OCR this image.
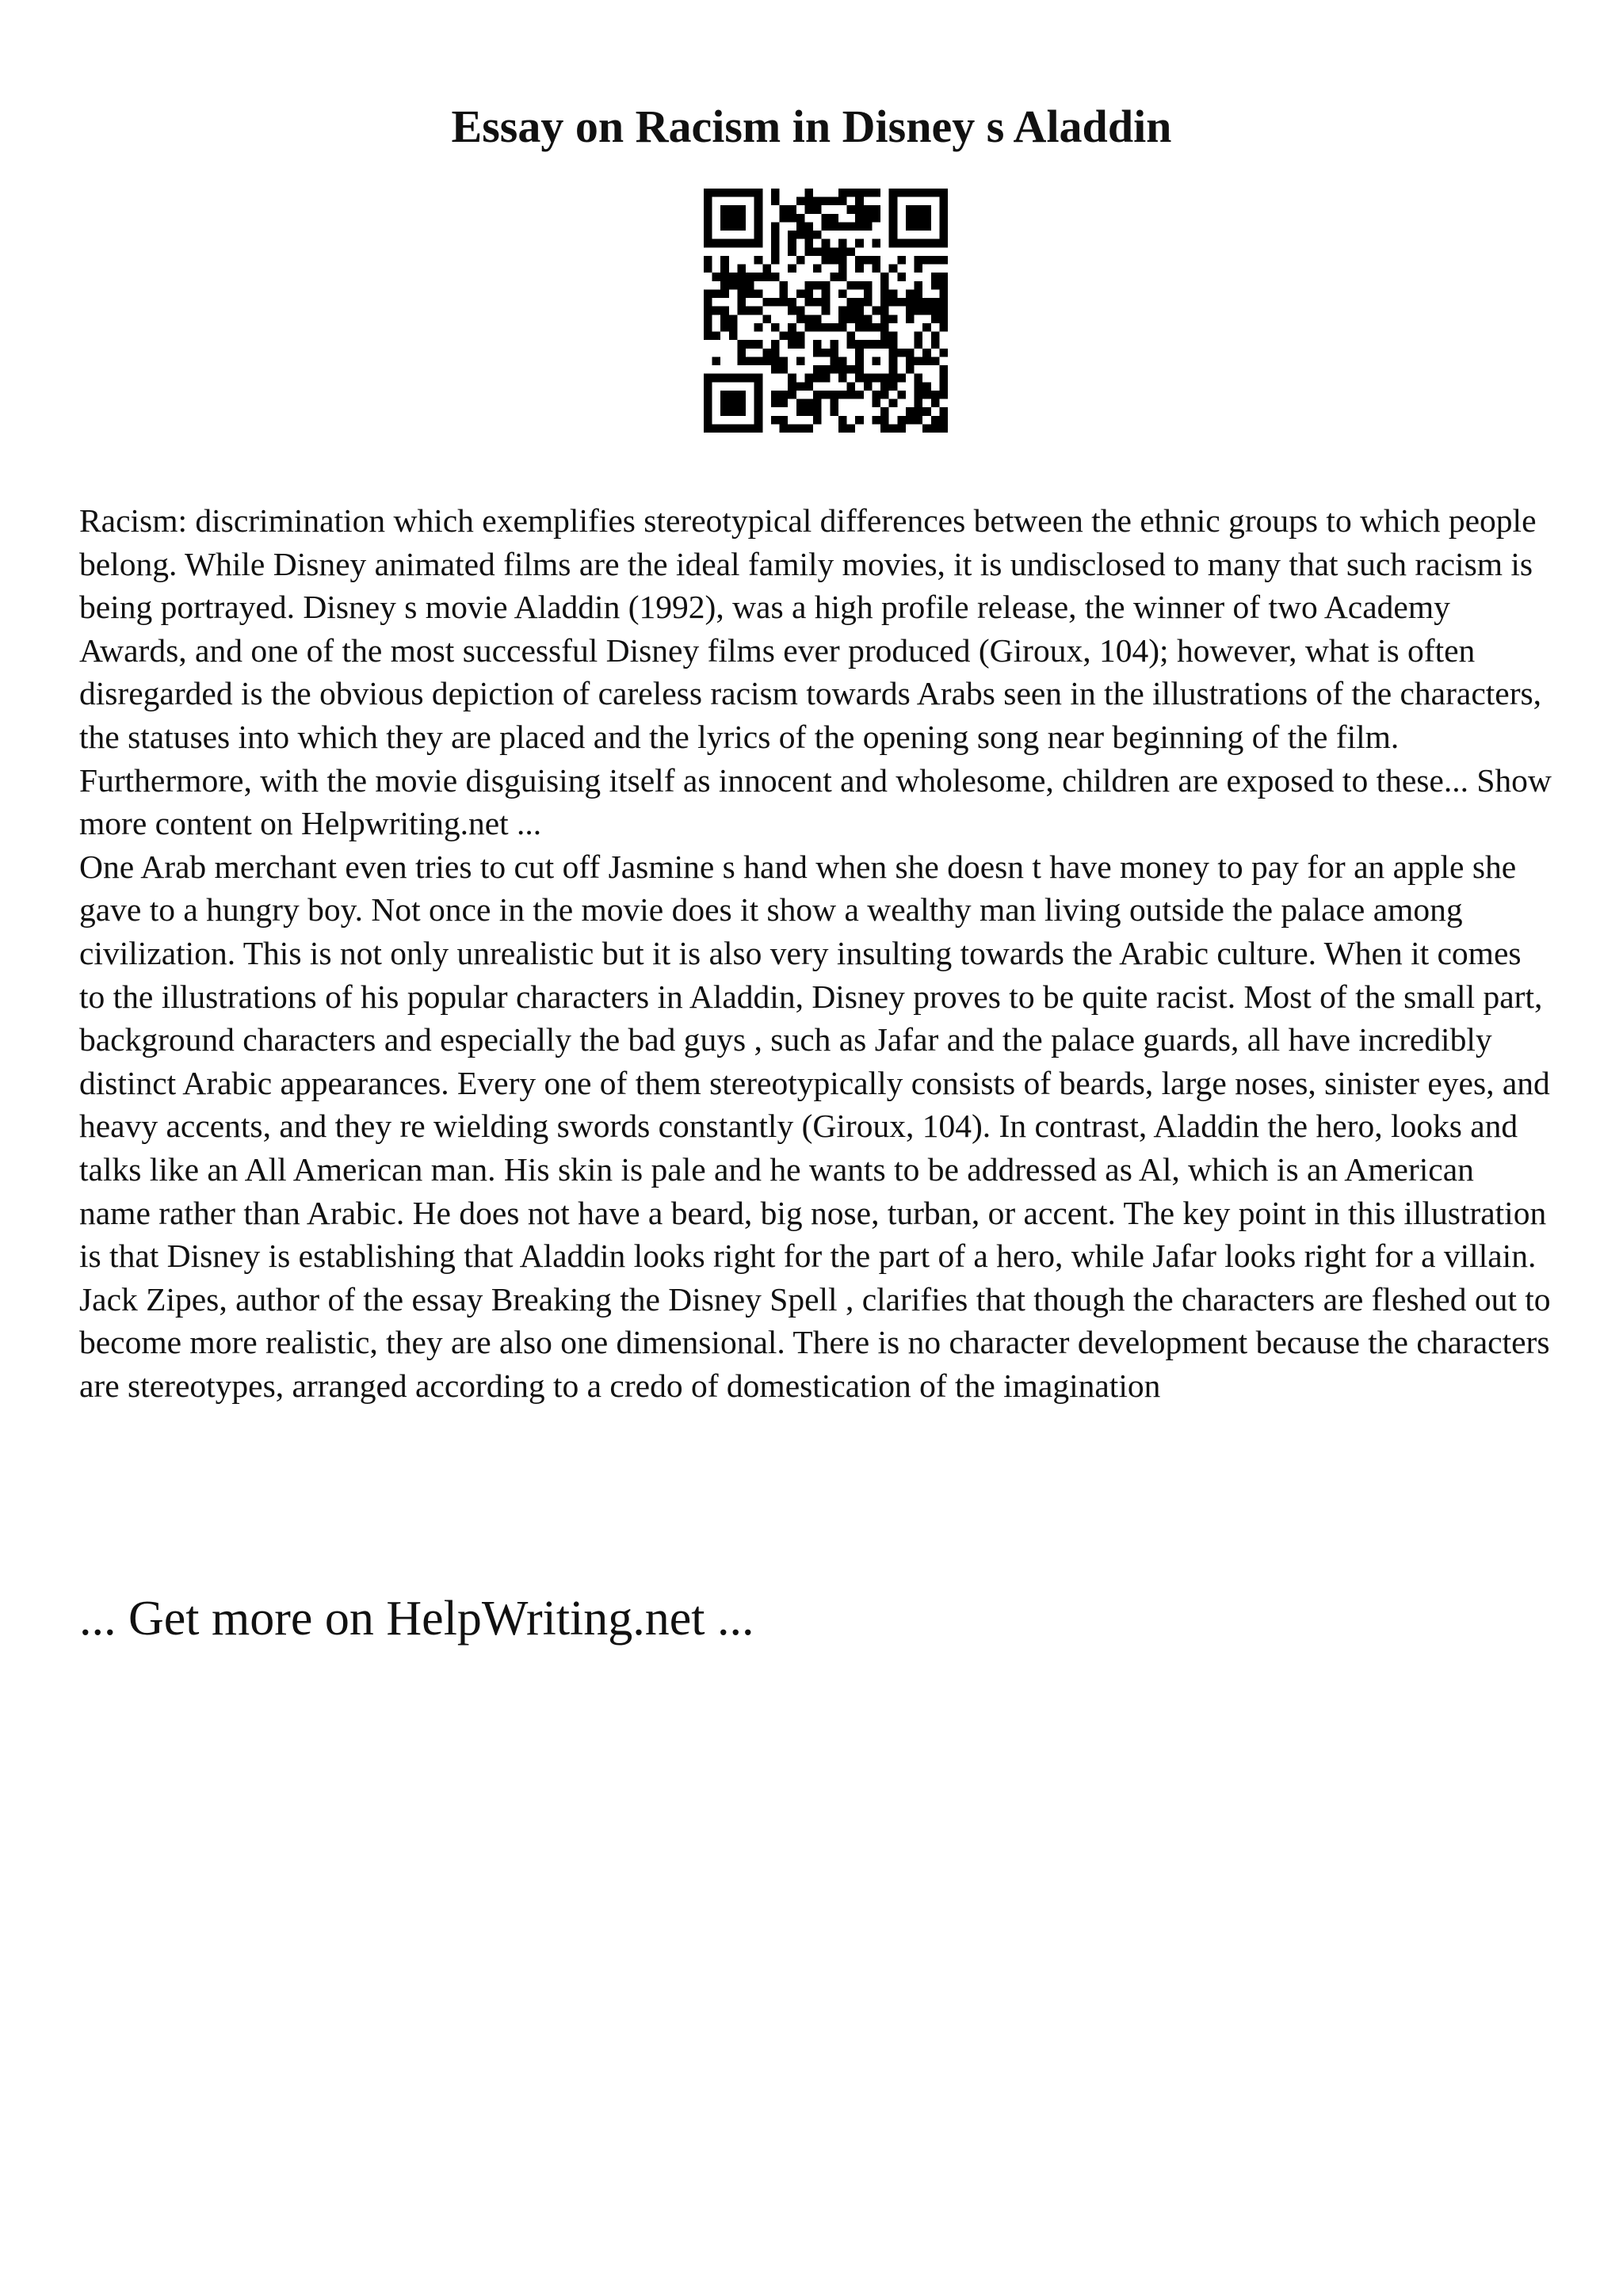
Essay on Racism in Disney s Aladdin

Racism: discrimination which exemplifies stereotypical differences between the ethnic groups to which people belong. While Disney animated films are the ideal family movies, it is undisclosed to many that such racism is being portrayed. Disney s movie Aladdin (1992), was a high profile release, the winner of two Academy Awards, and one of the most successful Disney films ever produced (Giroux, 104); however, what is often disregarded is the obvious depiction of careless racism towards Arabs seen in the illustrations of the characters, the statuses into which they are placed and the lyrics of the opening song near beginning of the film. Furthermore, with the movie disguising itself as innocent and wholesome, children are exposed to these... Show more content on Helpwriting.net ...

One Arab merchant even tries to cut off Jasmine s hand when she doesn t have money to pay for an apple she gave to a hungry boy. Not once in the movie does it show a wealthy man living outside the palace among civilization. This is not only unrealistic but it is also very insulting towards the Arabic culture. When it comes to the illustrations of his popular characters in Aladdin, Disney proves to be quite racist. Most of the small part, background characters and especially the bad guys , such as Jafar and the palace guards, all have incredibly distinct Arabic appearances. Every one of them stereotypically consists of beards, large noses, sinister eyes, and heavy accents, and they re wielding swords constantly (Giroux, 104). In contrast, Aladdin the hero, looks and talks like an All American man. His skin is pale and he wants to be addressed as Al, which is an American name rather than Arabic. He does not have a beard, big nose, turban, or accent. The key point in this illustration is that Disney is establishing that Aladdin looks right for the part of a hero, while Jafar looks right for a villain. Jack Zipes, author of the essay Breaking the Disney Spell , clarifies that though the characters are fleshed out to become more realistic, they are also one dimensional. There is no character development because the characters are stereotypes, arranged according to a credo of domestication of the imagination

... Get more on HelpWriting.net ...
